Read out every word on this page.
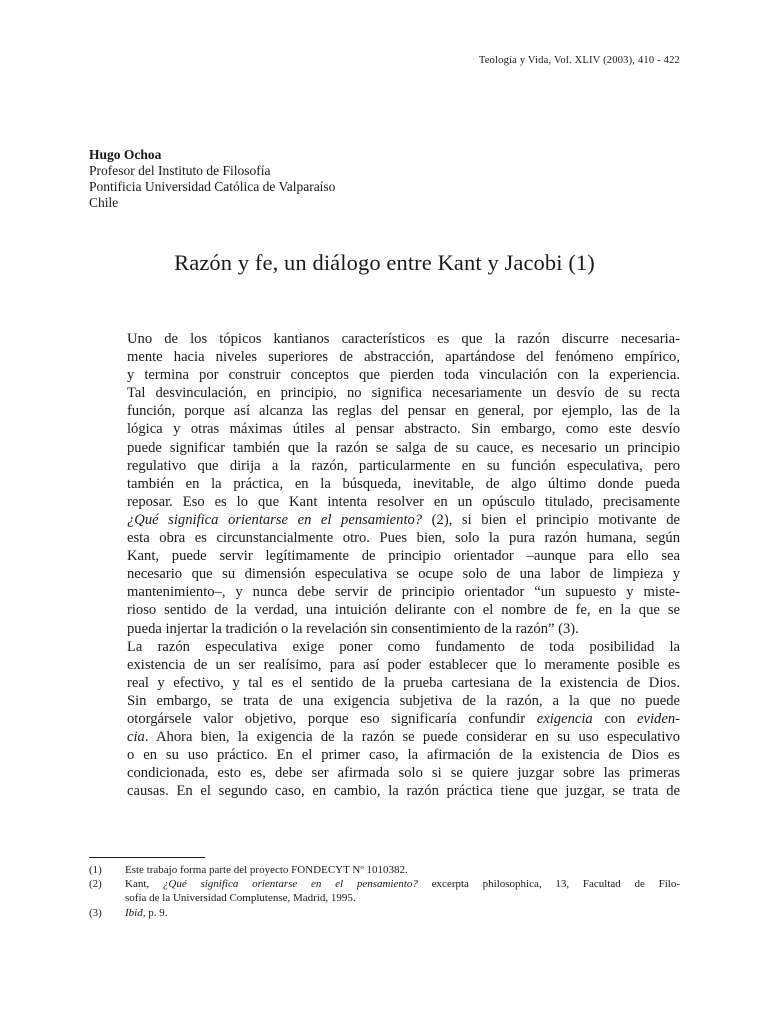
Teología y Vida, Vol. XLIV (2003), 410 - 422
Hugo Ochoa
Profesor del Instituto de Filosofía
Pontificia Universidad Católica de Valparaíso
Chile
Razón y fe, un diálogo entre Kant y Jacobi (1)

Uno de los tópicos kantianos característicos es que la razón discurre necesaria-
mente hacia niveles superiores de abstracción, apartándose del fenómeno empírico,
y termina por construir conceptos que pierden toda vinculación con la experiencia.
Tal desvinculación, en principio, no significa necesariamente un desvío de su recta
función, porque así alcanza las reglas del pensar en general, por ejemplo, las de la
lógica y otras máximas útiles al pensar abstracto. Sin embargo, como este desvío
puede significar también que la razón se salga de su cauce, es necesario un principio
regulativo que dirija a la razón, particularmente en su función especulativa, pero
también en la práctica, en la búsqueda, inevitable, de algo último donde pueda
reposar. Eso es lo que Kant intenta resolver en un opúsculo titulado, precisamente
¿Qué significa orientarse en el pensamiento? (2), si bien el principio motivante de
esta obra es circunstancialmente otro. Pues bien, solo la pura razón humana, según
Kant, puede servir legítimamente de principio orientador –aunque para ello sea
necesario que su dimensión especulativa se ocupe solo de una labor de limpieza y
mantenimiento–, y nunca debe servir de principio orientador “un supuesto y miste-
rioso sentido de la verdad, una intuición delirante con el nombre de fe, en la que se
pueda injertar la tradición o la revelación sin consentimiento de la razón” (3).

La razón especulativa exige poner como fundamento de toda posibilidad la
existencia de un ser realísimo, para así poder establecer que lo meramente posible es
real y efectivo, y tal es el sentido de la prueba cartesiana de la existencia de Dios.
Sin embargo, se trata de una exigencia subjetiva de la razón, a la que no puede
otorgársele valor objetivo, porque eso significaría confundir exigencia con eviden-
cia. Ahora bien, la exigencia de la razón se puede considerar en su uso especulativo
o en su uso práctico. En el primer caso, la afirmación de la existencia de Dios es
condicionada, esto es, debe ser afirmada solo si se quiere juzgar sobre las primeras
causas. En el segundo caso, en cambio, la razón práctica tiene que juzgar, se trata de

(1)	Este trabajo forma parte del proyecto FONDECYT Nº 1010382.
(2)	Kant, ¿Qué significa orientarse en el pensamiento? excerpta philosophica, 13, Facultad de Filo-
sofía de la Universidad Complutense, Madrid, 1995.
(3)	Ibid, p. 9.
